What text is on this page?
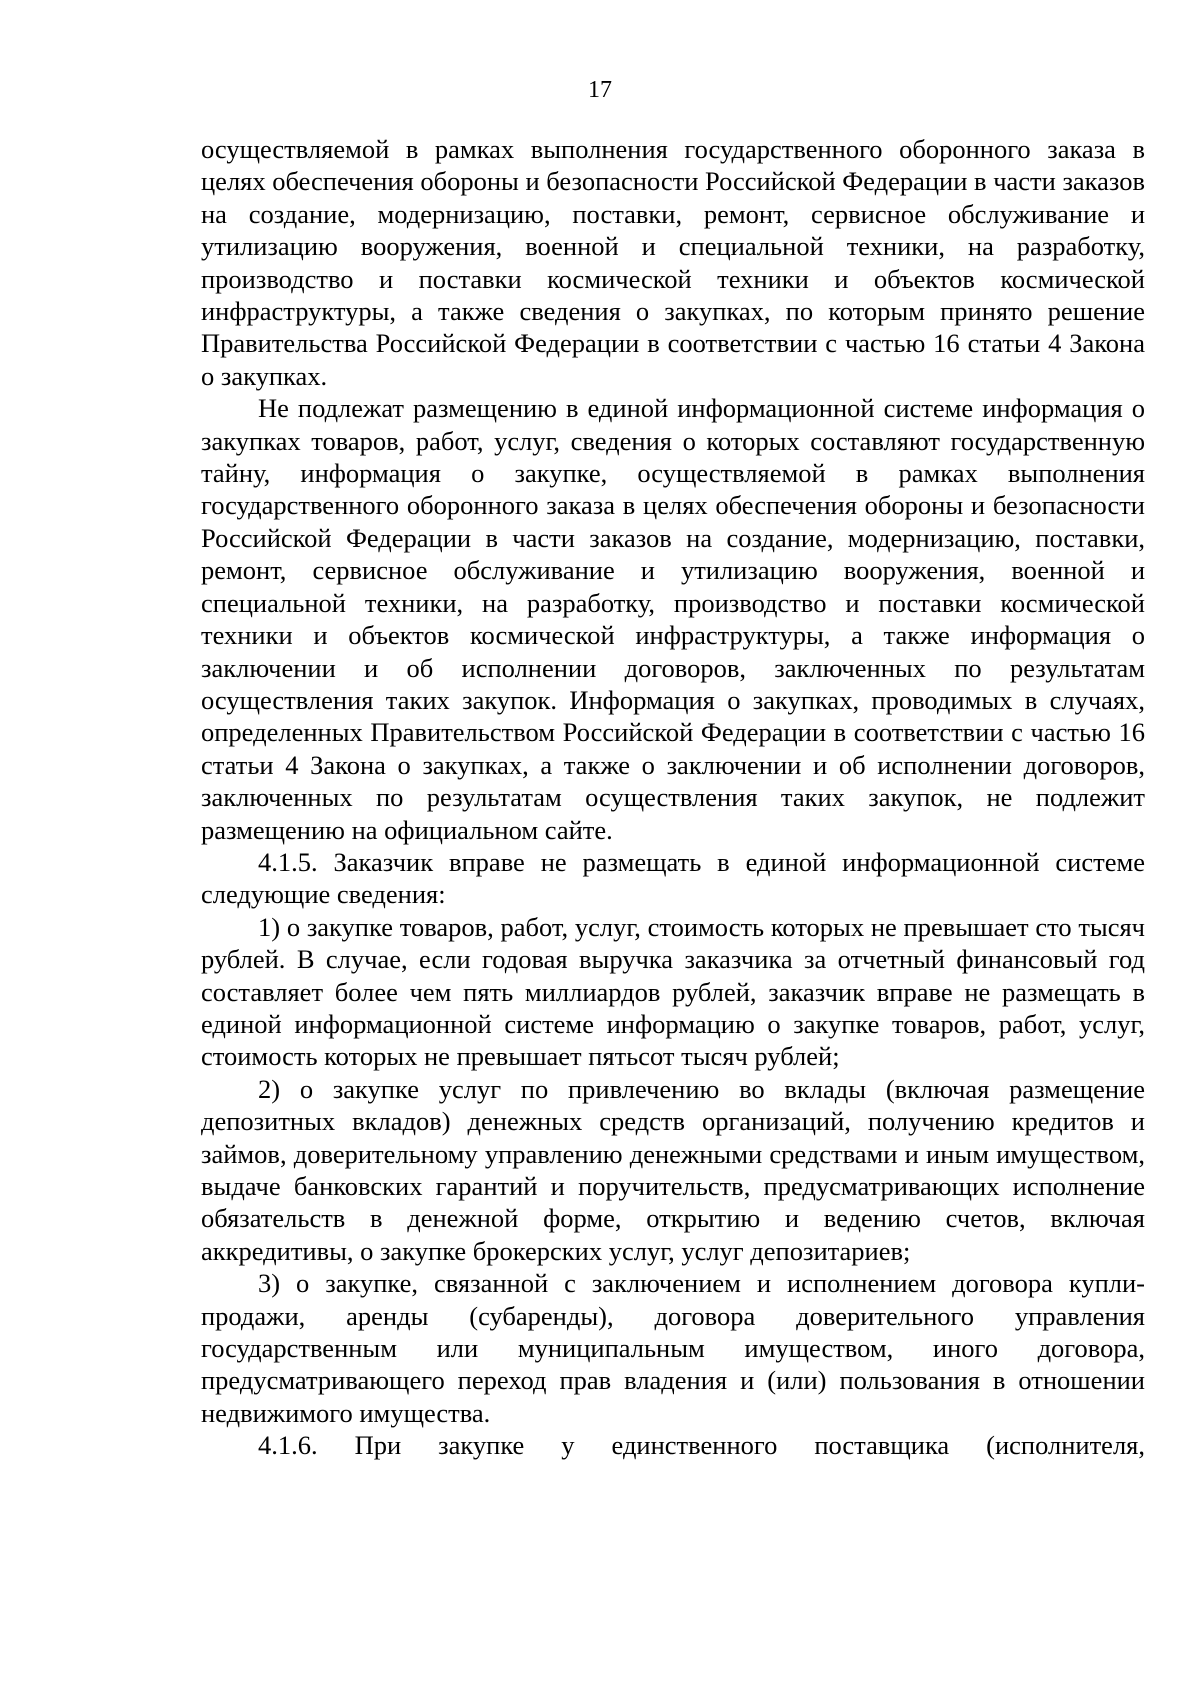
17

осуществляемой в рамках выполнения государственного оборонного заказа в целях обеспечения обороны и безопасности Российской Федерации в части заказов на создание, модернизацию, поставки, ремонт, сервисное обслуживание и утилизацию вооружения, военной и специальной техники, на разработку, производство и поставки космической техники и объектов космической инфраструктуры, а также сведения о закупках, по которым принято решение Правительства Российской Федерации в соответствии с частью 16 статьи 4 Закона о закупках.

Не подлежат размещению в единой информационной системе информация о закупках товаров, работ, услуг, сведения о которых составляют государственную тайну, информация о закупке, осуществляемой в рамках выполнения государственного оборонного заказа в целях обеспечения обороны и безопасности Российской Федерации в части заказов на создание, модернизацию, поставки, ремонт, сервисное обслуживание и утилизацию вооружения, военной и специальной техники, на разработку, производство и поставки космической техники и объектов космической инфраструктуры, а также информация о заключении и об исполнении договоров, заключенных по результатам осуществления таких закупок. Информация о закупках, проводимых в случаях, определенных Правительством Российской Федерации в соответствии с частью 16 статьи 4 Закона о закупках, а также о заключении и об исполнении договоров, заключенных по результатам осуществления таких закупок, не подлежит размещению на официальном сайте.

4.1.5. Заказчик вправе не размещать в единой информационной системе следующие сведения:

1) о закупке товаров, работ, услуг, стоимость которых не превышает сто тысяч рублей. В случае, если годовая выручка заказчика за отчетный финансовый год составляет более чем пять миллиардов рублей, заказчик вправе не размещать в единой информационной системе информацию о закупке товаров, работ, услуг, стоимость которых не превышает пятьсот тысяч рублей;

2) о закупке услуг по привлечению во вклады (включая размещение депозитных вкладов) денежных средств организаций, получению кредитов и займов, доверительному управлению денежными средствами и иным имуществом, выдаче банковских гарантий и поручительств, предусматривающих исполнение обязательств в денежной форме, открытию и ведению счетов, включая аккредитивы, о закупке брокерских услуг, услуг депозитариев;

3) о закупке, связанной с заключением и исполнением договора купли-продажи, аренды (субаренды), договора доверительного управления государственным или муниципальным имуществом, иного договора, предусматривающего переход прав владения и (или) пользования в отношении недвижимого имущества.

4.1.6. При закупке у единственного поставщика (исполнителя,
